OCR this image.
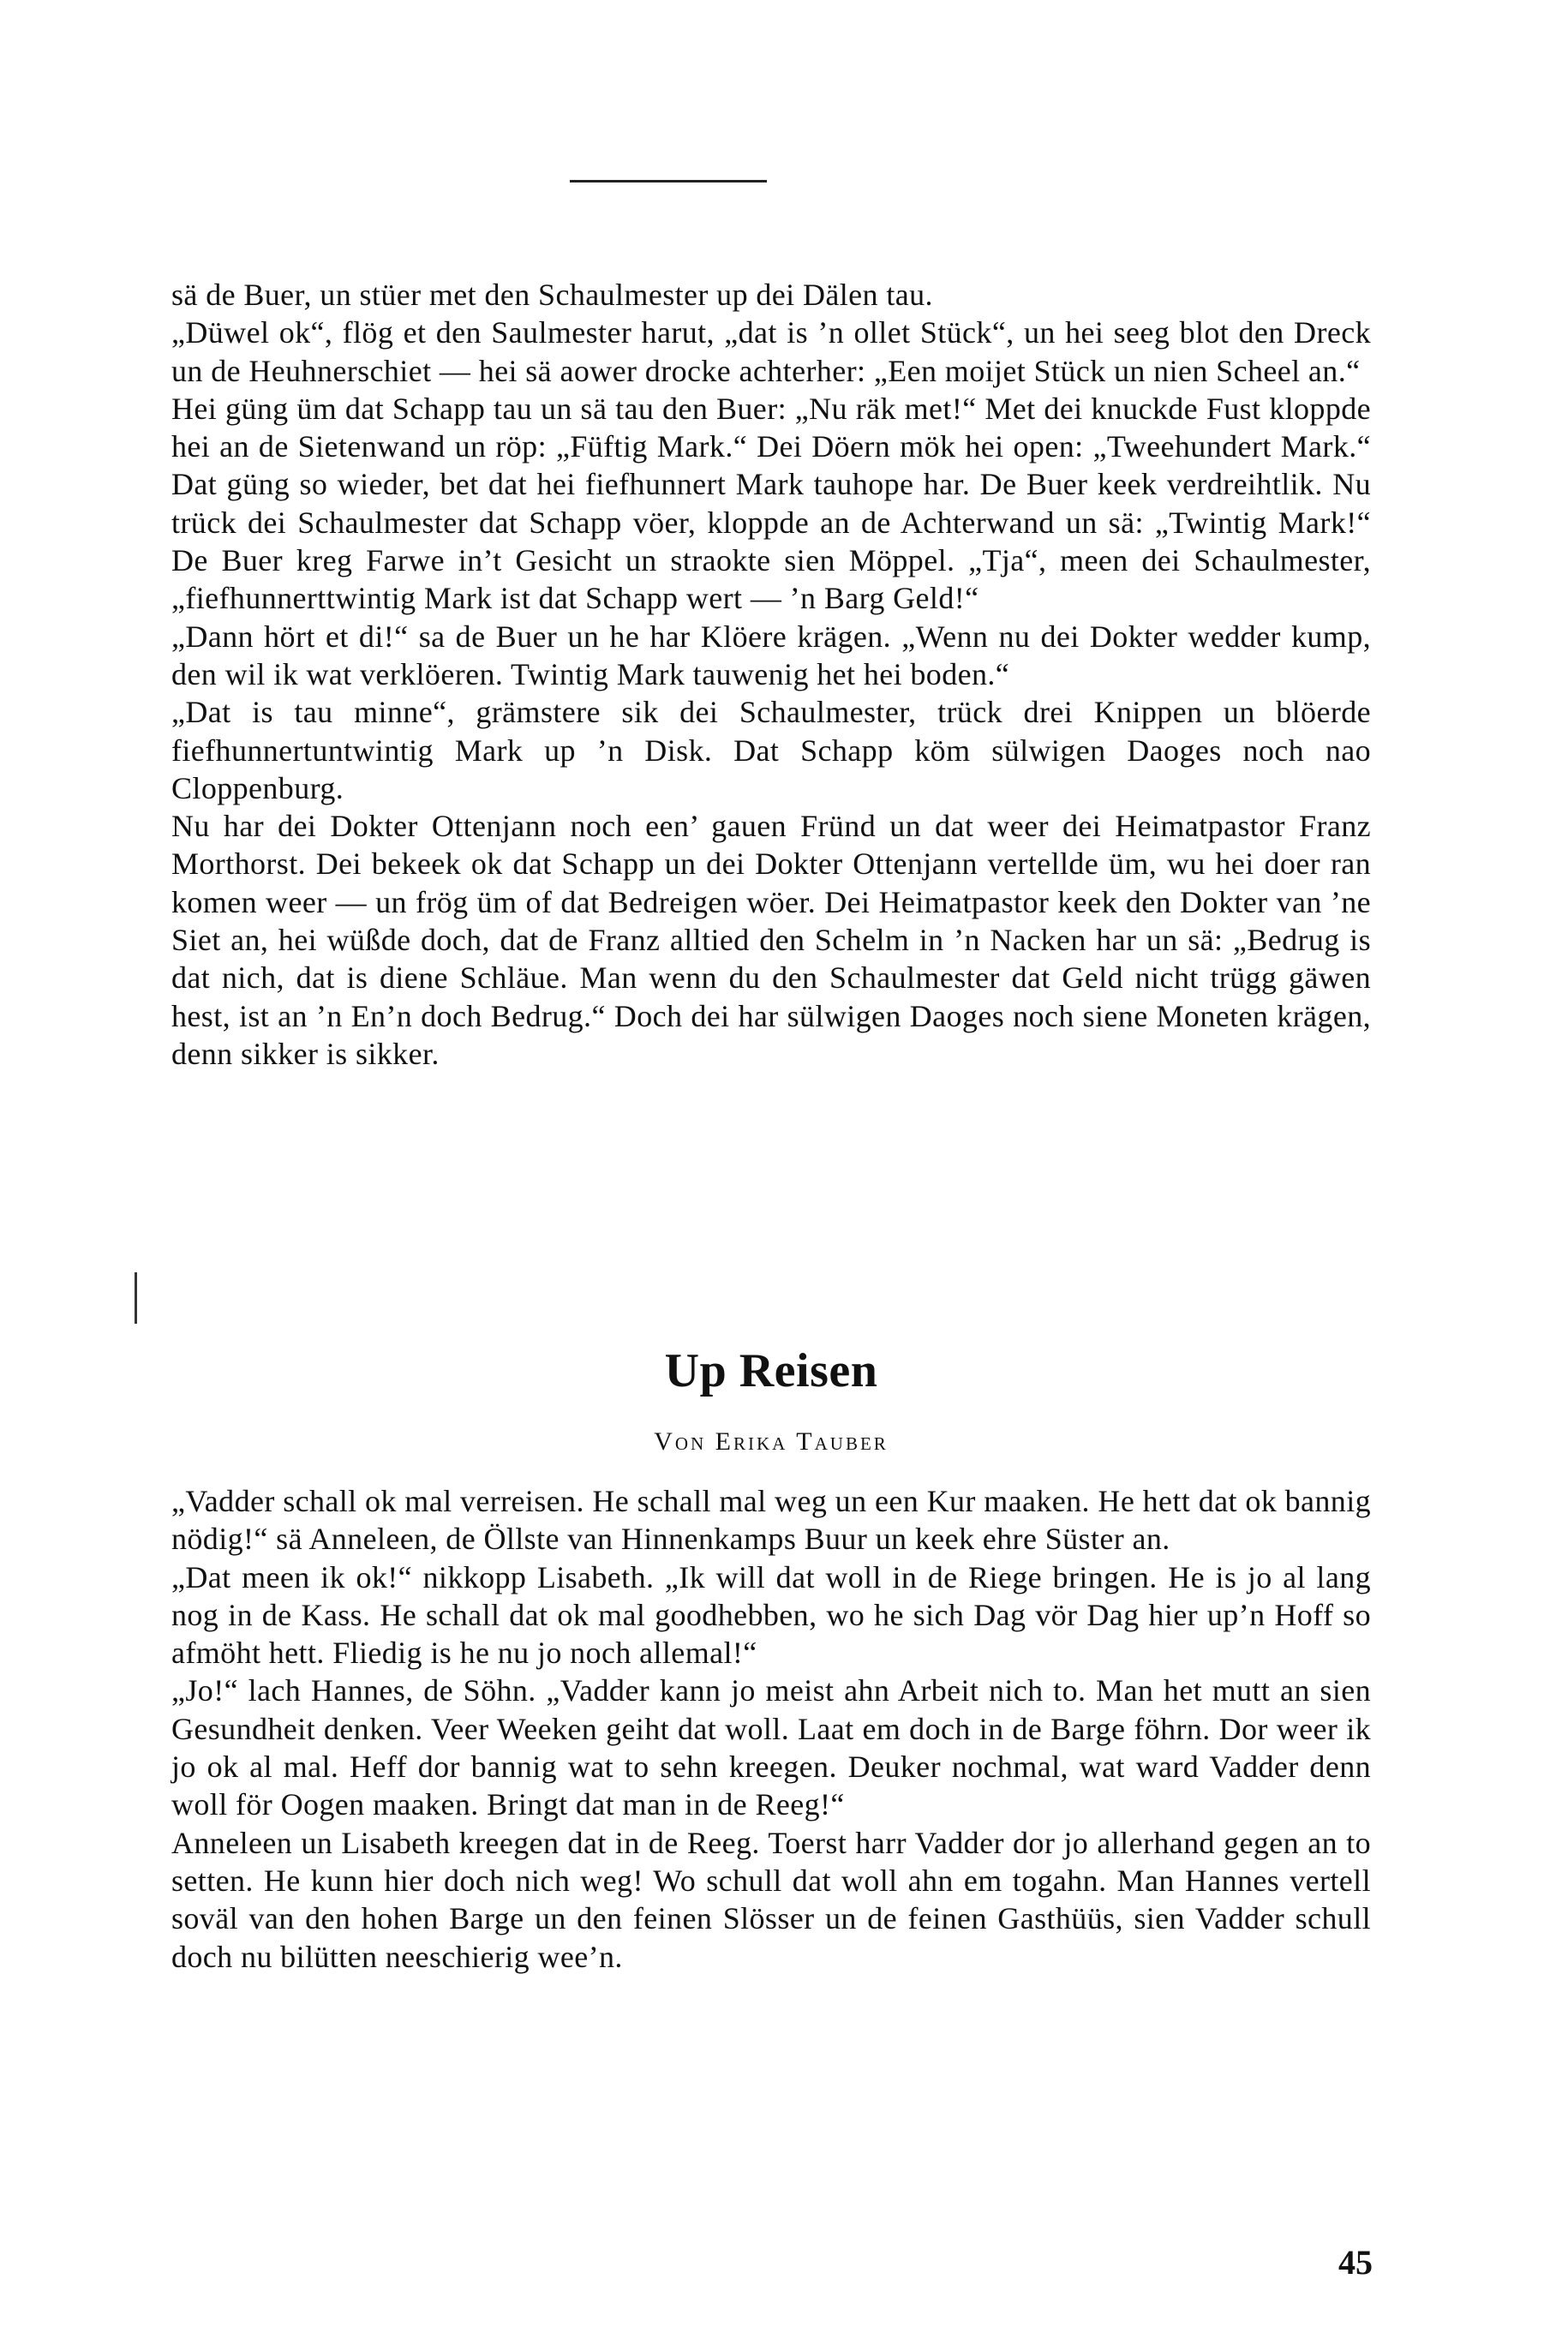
sä de Buer, un stüer met den Schaulmester up dei Dälen tau.

„Düwel ok“, flög et den Saulmester harut, „dat is ’n ollet Stück“, un hei seeg blot den Dreck un de Heuhnerschiet — hei sä aower drocke achterher: „Een moijet Stück un nien Scheel an.“

Hei güng üm dat Schapp tau un sä tau den Buer: „Nu räk met!“ Met dei knuckde Fust kloppde hei an de Sietenwand un röp: „Füftig Mark.“ Dei Döern mök hei open: „Tweehundert Mark.“ Dat güng so wieder, bet dat hei fiefhunnert Mark tauhope har. De Buer keek verdreihtlik. Nu trück dei Schaulmester dat Schapp vöer, kloppde an de Achterwand un sä: „Twintig Mark!“ De Buer kreg Farwe in’t Gesicht un straokte sien Möppel. „Tja“, meen dei Schaulmester, „fiefhunnerttwintig Mark ist dat Schapp wert — ’n Barg Geld!“

„Dann hört et di!“ sa de Buer un he har Klöere krägen. „Wenn nu dei Dokter wedder kump, den wil ik wat verklöeren. Twintig Mark tauwenig het hei boden.“

„Dat is tau minne“, grämstere sik dei Schaulmester, trück drei Knippen un blöerde fiefhunnertuntwintig Mark up ’n Disk. Dat Schapp köm sülwigen Daoges noch nao Cloppenburg.

Nu har dei Dokter Ottenjann noch een’ gauen Fründ un dat weer dei Heimatpastor Franz Morthorst. Dei bekeek ok dat Schapp un dei Dokter Ottenjann vertellde üm, wu hei doer ran komen weer — un frög üm of dat Bedreigen wöer. Dei Heimatpastor keek den Dokter van ’ne Siet an, hei wüßde doch, dat de Franz alltied den Schelm in ’n Nacken har un sä: „Bedrug is dat nich, dat is diene Schläue. Man wenn du den Schaulmester dat Geld nicht trügg gäwen hest, ist an ’n En’n doch Bedrug.“ Doch dei har sülwigen Daoges noch siene Moneten krägen, denn sikker is sikker.

Up Reisen
Von Erika Tauber

„Vadder schall ok mal verreisen. He schall mal weg un een Kur maaken. He hett dat ok bannig nödig!“ sä Anneleen, de Öllste van Hinnenkamps Buur un keek ehre Süster an.

„Dat meen ik ok!“ nikkopp Lisabeth. „Ik will dat woll in de Riege bringen. He is jo al lang nog in de Kass. He schall dat ok mal goodhebben, wo he sich Dag vör Dag hier up’n Hoff so afmöht hett. Fliedig is he nu jo noch allemal!“

„Jo!“ lach Hannes, de Söhn. „Vadder kann jo meist ahn Arbeit nich to. Man het mutt an sien Gesundheit denken. Veer Weeken geiht dat woll. Laat em doch in de Barge föhrn. Dor weer ik jo ok al mal. Heff dor bannig wat to sehn kreegen. Deuker nochmal, wat ward Vadder denn woll för Oogen maaken. Bringt dat man in de Reeg!“

Anneleen un Lisabeth kreegen dat in de Reeg. Toerst harr Vadder dor jo allerhand gegen an to setten. He kunn hier doch nich weg! Wo schull dat woll ahn em togahn. Man Hannes vertell soväl van den hohen Barge un den feinen Slösser un de feinen Gasthüüs, sien Vadder schull doch nu bilütten neeschierig wee’n.

45
